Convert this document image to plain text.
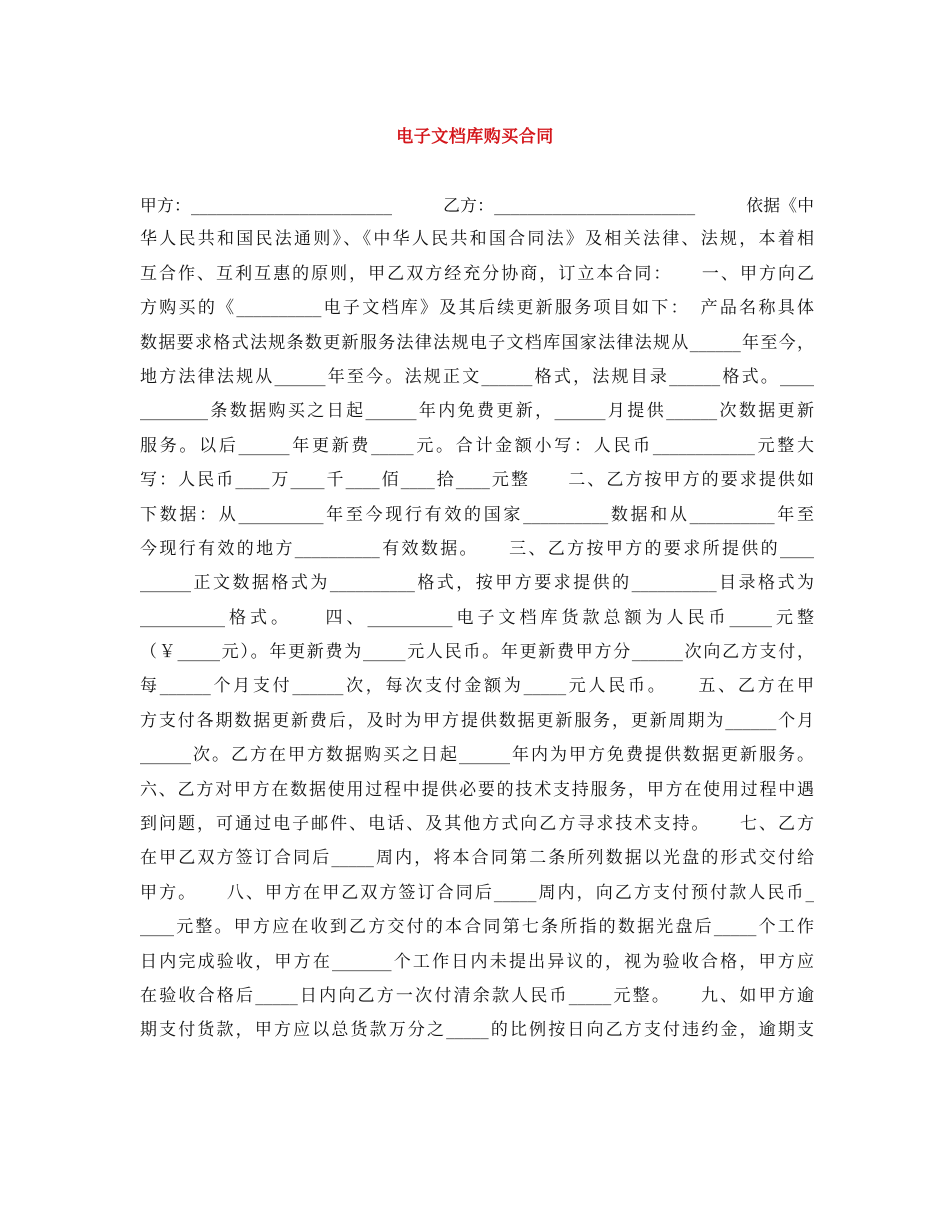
电子文档库购买合同
甲方：________________________　　　乙方：________________________　　　依据《中
华人民共和国民法通则》、《中华人民共和国合同法》及相关法律、法规，本着相
互合作、互利互惠的原则，甲乙双方经充分协商，订立本合同：　　一、甲方向乙
方购买的《__________电子文档库》及其后续更新服务项目如下：　产品名称具体
数据要求格式法规条数更新服务法律法规电子文档库国家法律法规从______年至今，
地方法律法规从______年至今。法规正文______格式，法规目录______格式。____
________条数据购买之日起______年内免费更新，______月提供______次数据更新
服务。以后______年更新费_____元。合计金额小写：人民币____________元整大
写：人民币____万____千____佰____拾____元整　　二、乙方按甲方的要求提供如
下数据：从__________年至今现行有效的国家__________数据和从__________年至
今现行有效的地方__________有效数据。　　三、乙方按甲方的要求所提供的____
______正文数据格式为__________格式，按甲方要求提供的__________目录格式为
__________格式。　　四、__________电子文档库货款总额为人民币_____元整
（￥_____元）。年更新费为_____元人民币。年更新费甲方分______次向乙方支付，
每______个月支付______次，每次支付金额为_____元人民币。　　五、乙方在甲
方支付各期数据更新费后，及时为甲方提供数据更新服务，更新周期为______个月
______次。乙方在甲方数据购买之日起______年内为甲方免费提供数据更新服务。
六、乙方对甲方在数据使用过程中提供必要的技术支持服务，甲方在使用过程中遇
到问题，可通过电子邮件、电话、及其他方式向乙方寻求技术支持。　　七、乙方
在甲乙双方签订合同后_____周内，将本合同第二条所列数据以光盘的形式交付给
甲方。　　八、甲方在甲乙双方签订合同后_____周内，向乙方支付预付款人民币_
____元整。甲方应在收到乙方交付的本合同第七条所指的数据光盘后_____个工作
日内完成验收，甲方在_______个工作日内未提出异议的，视为验收合格，甲方应
在验收合格后_____日内向乙方一次付清余款人民币_____元整。　　九、如甲方逾
期支付货款，甲方应以总货款万分之_____的比例按日向乙方支付违约金，逾期支
